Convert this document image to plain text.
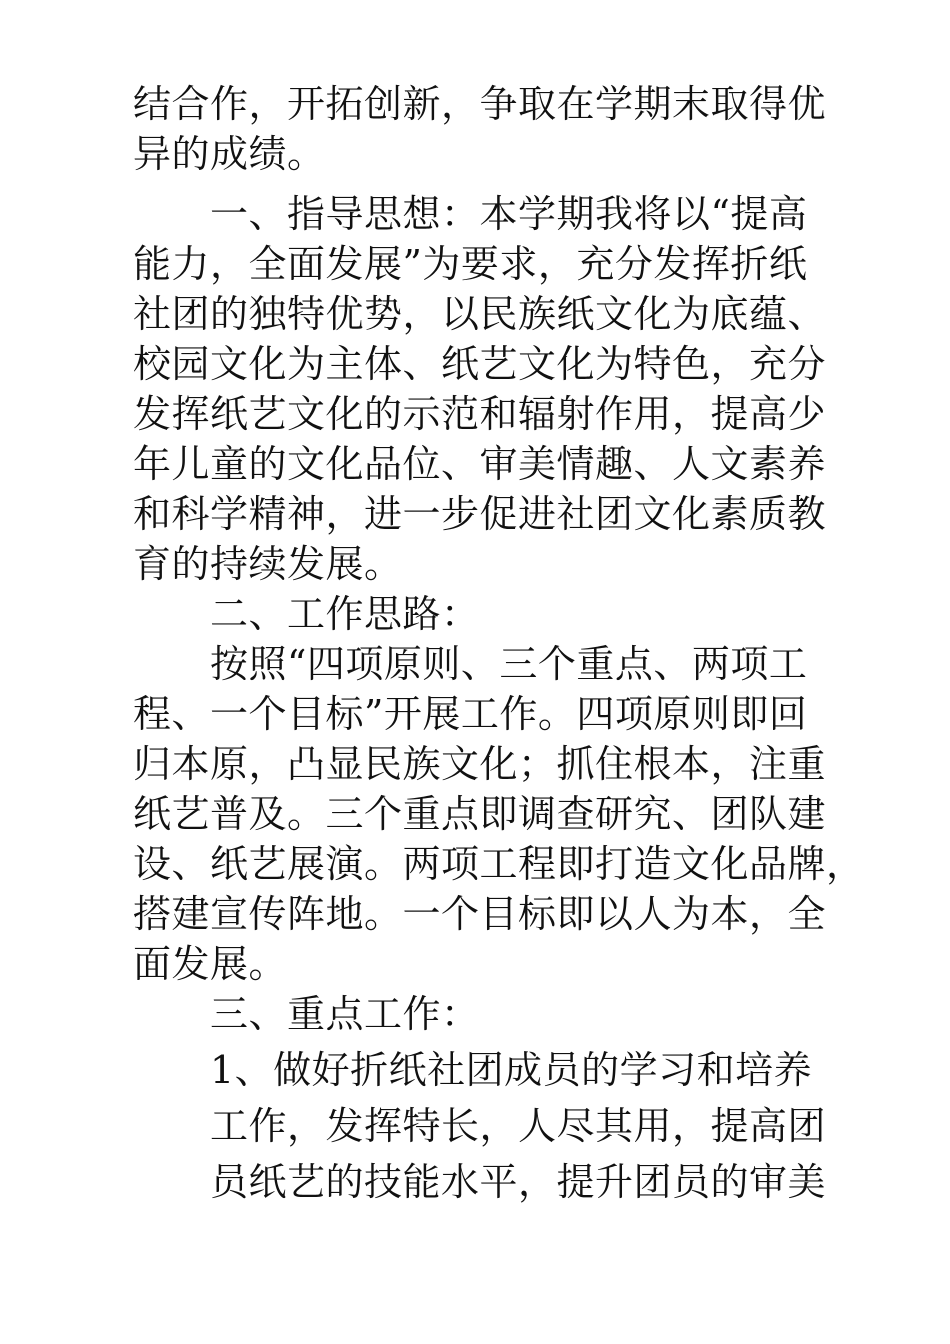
结合作，开拓创新，争取在学期末取得优
异的成绩。
一、指导思想：本学期我将以“提高
能力，全面发展”为要求，充分发挥折纸
社团的独特优势，以民族纸文化为底蕴、
校园文化为主体、纸艺文化为特色，充分
发挥纸艺文化的示范和辐射作用，提高少
年儿童的文化品位、审美情趣、人文素养
和科学精神，进一步促进社团文化素质教
育的持续发展。
二、工作思路：
按照“四项原则、三个重点、两项工
程、一个目标”开展工作。四项原则即回
归本原，凸显民族文化；抓住根本，注重
纸艺普及。三个重点即调查研究、团队建
设、纸艺展演。两项工程即打造文化品牌，
搭建宣传阵地。一个目标即以人为本，全
面发展。
三、重点工作：
1、做好折纸社团成员的学习和培养
工作，发挥特长，人尽其用，提高团
员纸艺的技能水平，提升团员的审美
